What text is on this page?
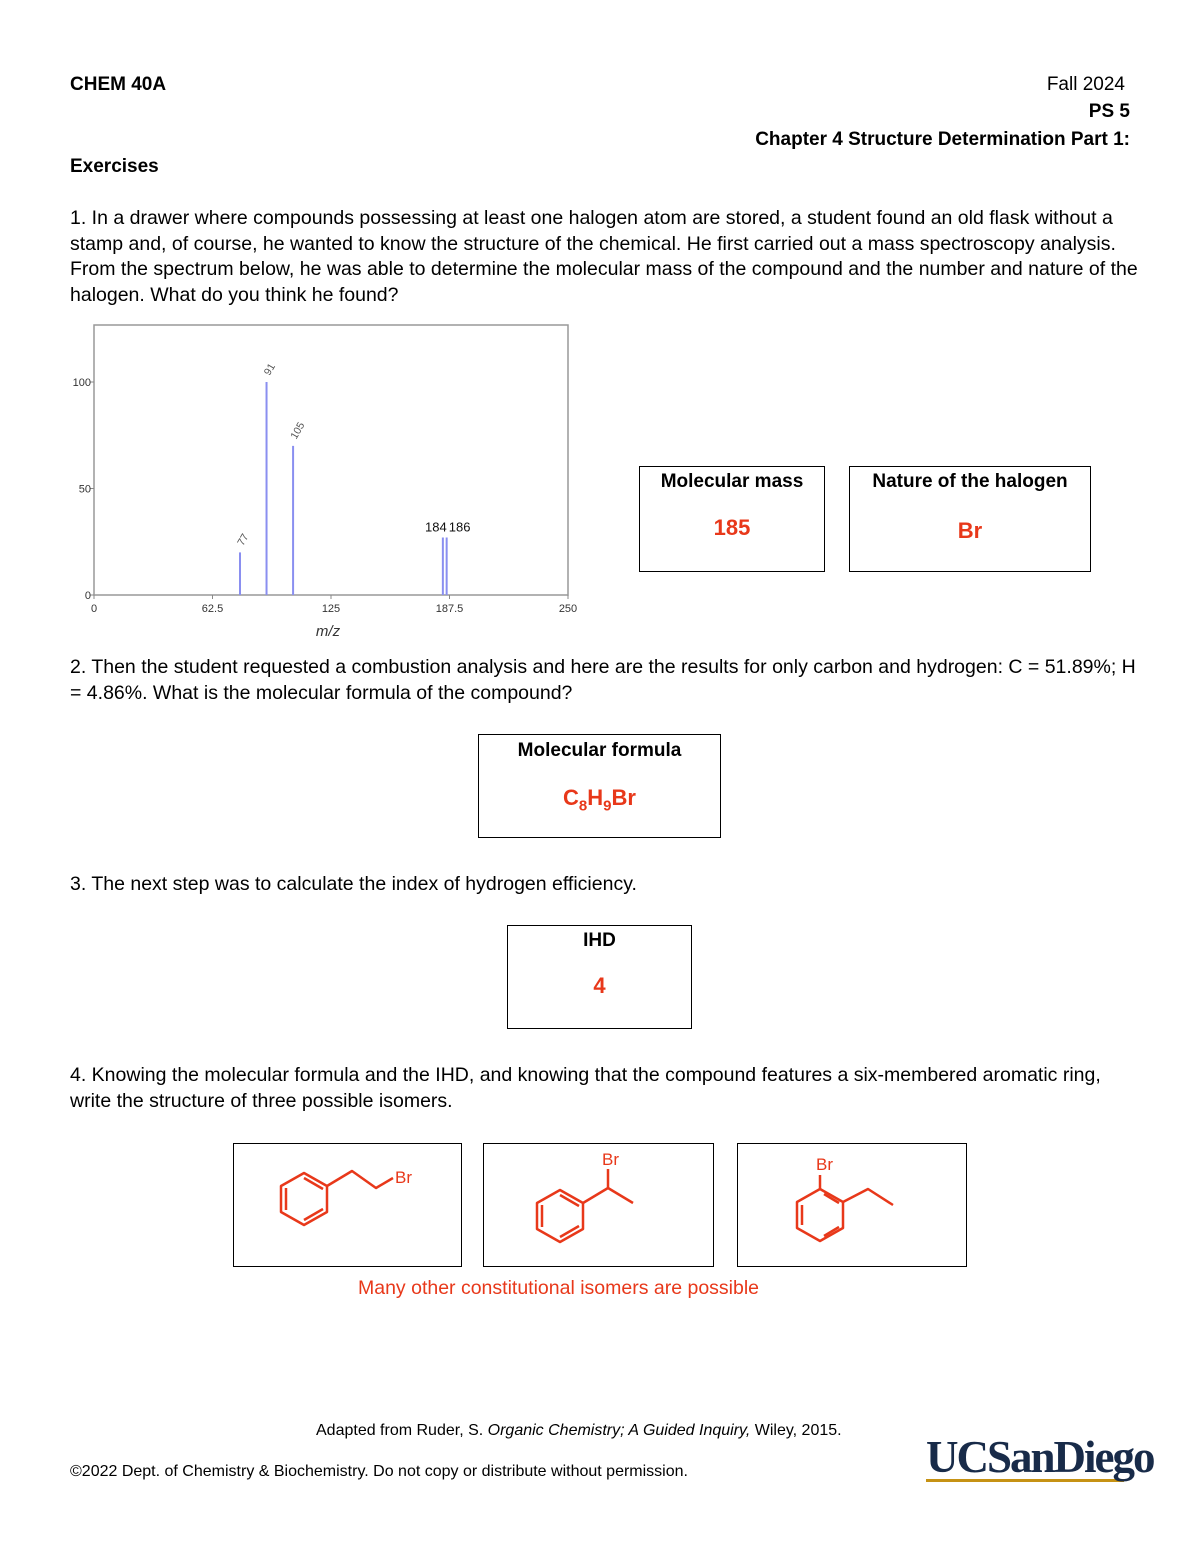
CHEM 40A	Fall 2024
PS 5
Chapter 4 Structure Determination Part 1:
Exercises
1. In a drawer where compounds possessing at least one halogen atom are stored, a student found an old flask without a stamp and, of course, he wanted to know the structure of the chemical. He first carried out a mass spectroscopy analysis. From the spectrum below, he was able to determine the molecular mass of the compound and the number and nature of the halogen. What do you think he found?
0
50
100
0	62.5	125	187.5	250
77
91
105
184 186
m/z
Molecular mass
185
Nature of the halogen
Br
2. Then the student requested a combustion analysis and here are the results for only carbon and hydrogen: C = 51.89%; H = 4.86%. What is the molecular formula of the compound?
Molecular formula
$C_8H_9Br$
3. The next step was to calculate the index of hydrogen efficiency.
IHD
4
4. Knowing the molecular formula and the IHD, and knowing that the compound features a six-membered aromatic ring, write the structure of three possible isomers.
Br
Br	Br
Many other constitutional isomers are possible
Adapted from Ruder, S. Organic Chemistry; A Guided Inquiry, Wiley, 2015.
©2022 Dept. of Chemistry & Biochemistry. Do not copy or distribute without permission.	UCSanDiego
